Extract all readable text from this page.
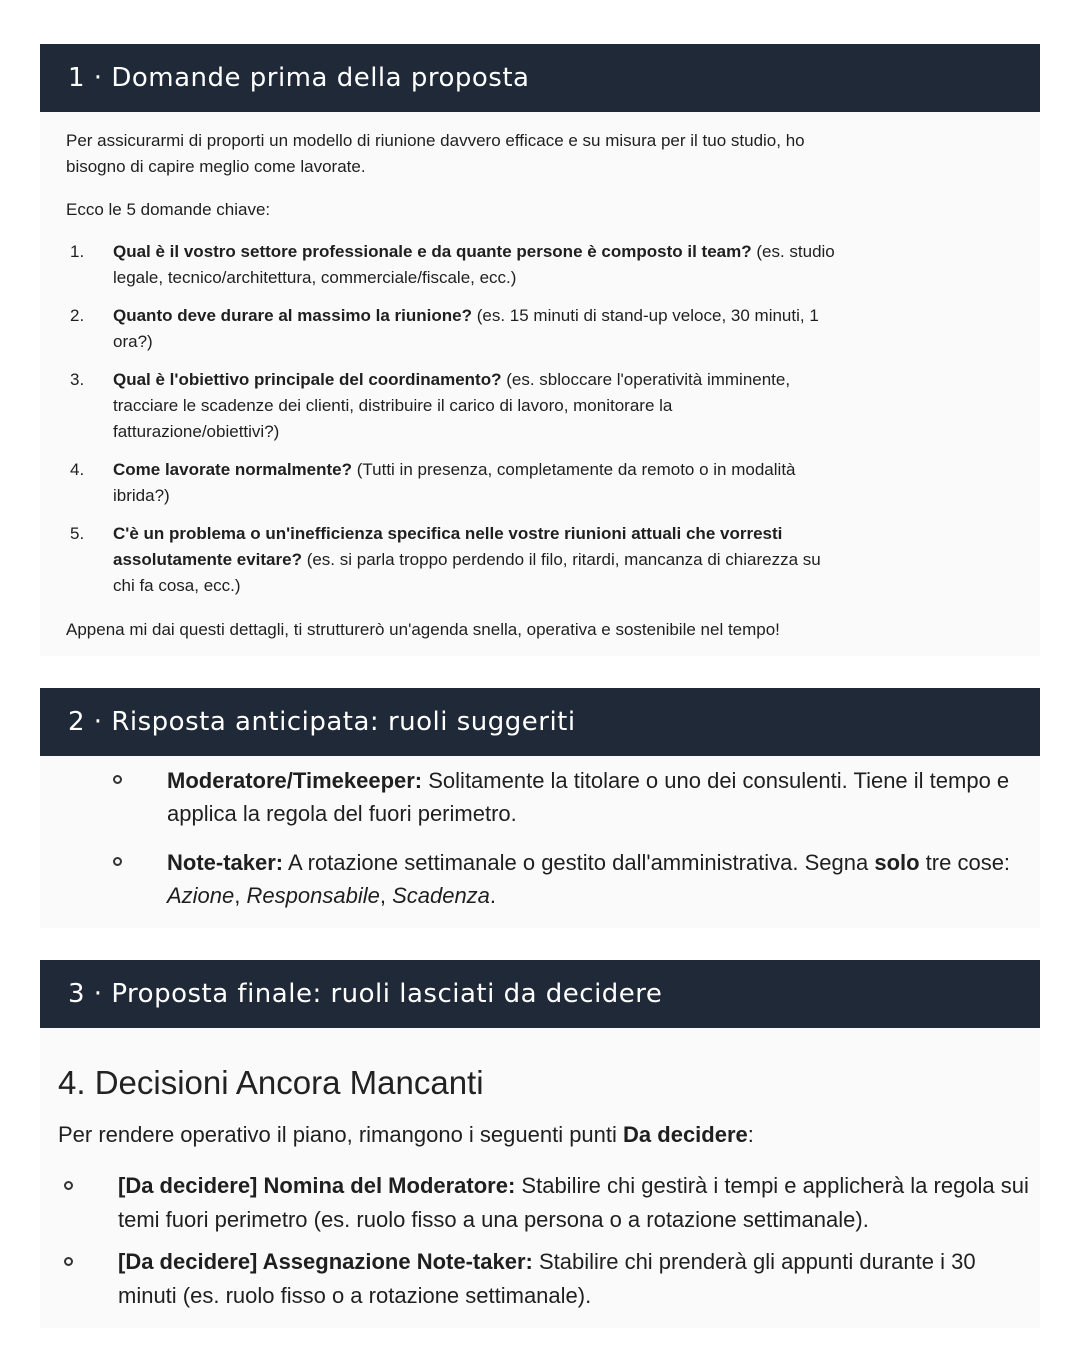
1 · Domande prima della proposta

Per assicurarmi di proporti un modello di riunione davvero efficace e su misura per il tuo studio, ho bisogno di capire meglio come lavorate.

Ecco le 5 domande chiave:

1. Qual è il vostro settore professionale e da quante persone è composto il team? (es. studio legale, tecnico/architettura, commerciale/fiscale, ecc.)
2. Quanto deve durare al massimo la riunione? (es. 15 minuti di stand-up veloce, 30 minuti, 1 ora?)
3. Qual è l'obiettivo principale del coordinamento? (es. sbloccare l'operatività imminente, tracciare le scadenze dei clienti, distribuire il carico di lavoro, monitorare la fatturazione/obiettivi?)
4. Come lavorate normalmente? (Tutti in presenza, completamente da remoto o in modalità ibrida?)
5. C'è un problema o un'inefficienza specifica nelle vostre riunioni attuali che vorresti assolutamente evitare? (es. si parla troppo perdendo il filo, ritardi, mancanza di chiarezza su chi fa cosa, ecc.)

Appena mi dai questi dettagli, ti strutturerò un'agenda snella, operativa e sostenibile nel tempo!

2 · Risposta anticipata: ruoli suggeriti
Moderatore/Timekeeper: Solitamente la titolare o uno dei consulenti. Tiene il tempo e applica la regola del fuori perimetro.
Note-taker: A rotazione settimanale o gestito dall'amministrativa. Segna solo tre cose: Azione, Responsabile, Scadenza.
3 · Proposta finale: ruoli lasciati da decidere
4. Decisioni Ancora Mancanti

Per rendere operativo il piano, rimangono i seguenti punti Da decidere:

[Da decidere] Nomina del Moderatore: Stabilire chi gestirà i tempi e applicherà la regola sui temi fuori perimetro (es. ruolo fisso a una persona o a rotazione settimanale).
[Da decidere] Assegnazione Note-taker: Stabilire chi prenderà gli appunti durante i 30 minuti (es. ruolo fisso o a rotazione settimanale).
